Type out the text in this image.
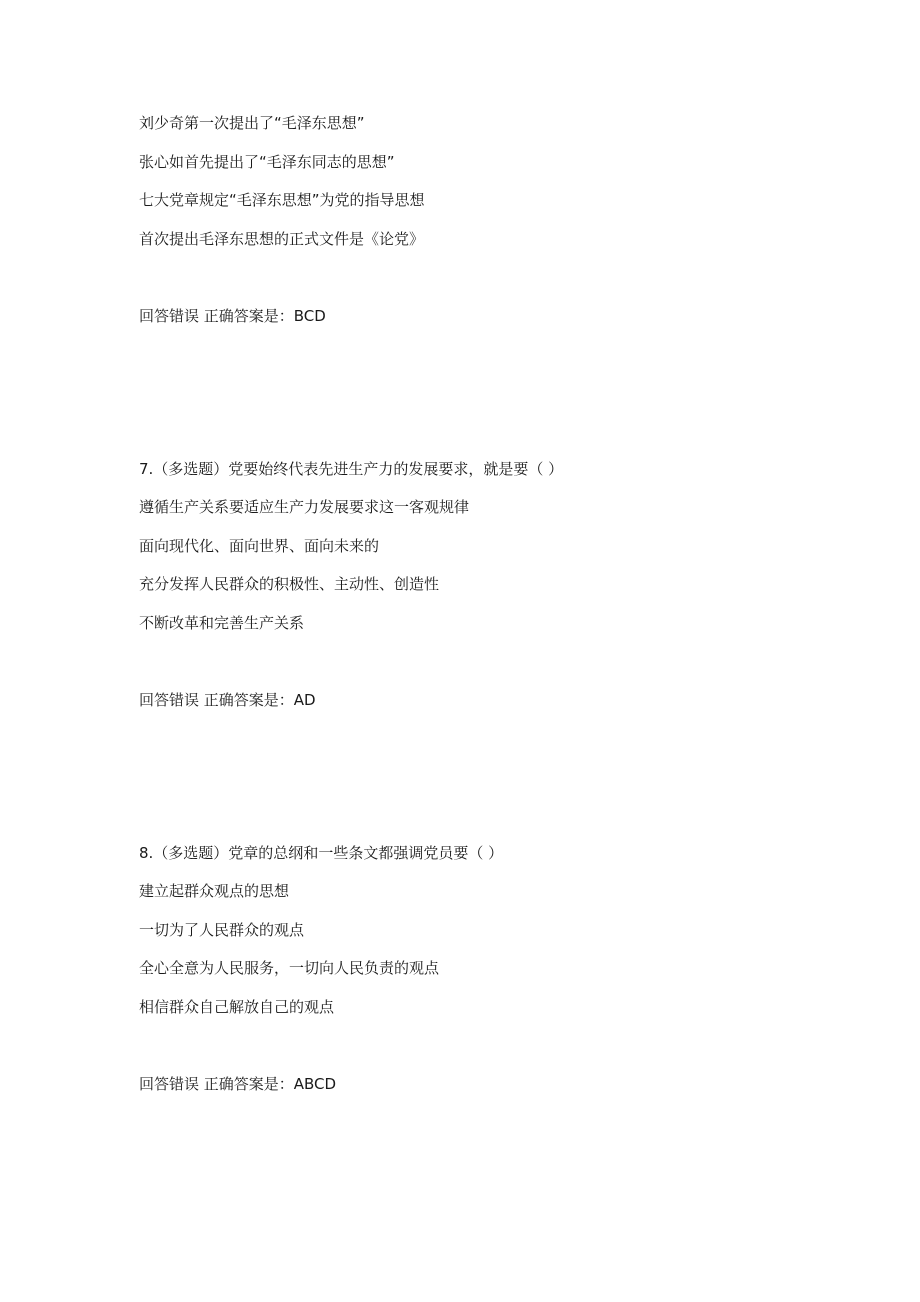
刘少奇第一次提出了“毛泽东思想”
张心如首先提出了“毛泽东同志的思想”
七大党章规定“毛泽东思想”为党的指导思想
首次提出毛泽东思想的正式文件是《论党》
回答错误 正确答案是：BCD
7.（多选题）党要始终代表先进生产力的发展要求，就是要（ ）
遵循生产关系要适应生产力发展要求这一客观规律
面向现代化、面向世界、面向未来的
充分发挥人民群众的积极性、主动性、创造性
不断改革和完善生产关系
回答错误 正确答案是：AD
8.（多选题）党章的总纲和一些条文都强调党员要（ ）
建立起群众观点的思想
一切为了人民群众的观点
全心全意为人民服务，一切向人民负责的观点
相信群众自己解放自己的观点
回答错误 正确答案是：ABCD
